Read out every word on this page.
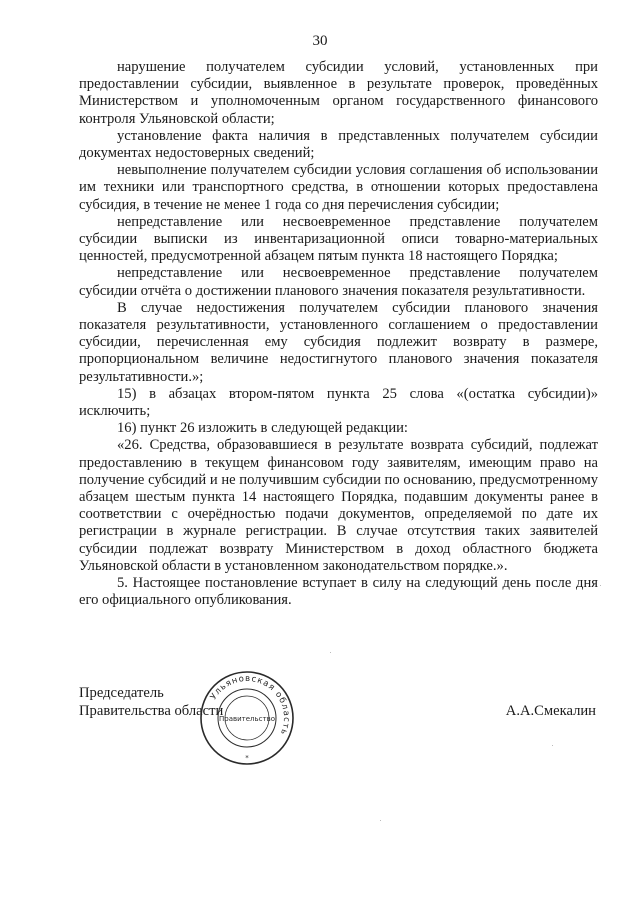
30

нарушение получателем субсидии условий, установленных при предоставлении субсидии, выявленное в результате проверок, проведённых Министерством и уполномоченным органом государственного финансового контроля Ульяновской области;

установление факта наличия в представленных получателем субсидии документах недостоверных сведений;

невыполнение получателем субсидии условия соглашения об использовании им техники или транспортного средства, в отношении которых предоставлена субсидия, в течение не менее 1 года со дня перечисления субсидии;

непредставление или несвоевременное представление получателем субсидии выписки из инвентаризационной описи товарно-материальных ценностей, предусмотренной абзацем пятым пункта 18 настоящего Порядка;

непредставление или несвоевременное представление получателем субсидии отчёта о достижении планового значения показателя результативности.

В случае недостижения получателем субсидии планового значения показателя результативности, установленного соглашением о предоставлении субсидии, перечисленная ему субсидия подлежит возврату в размере, пропорциональном величине недостигнутого планового значения показателя результативности.»;

15) в абзацах втором-пятом пункта 25 слова «(остатка субсидии)» исключить;

16) пункт 26 изложить в следующей редакции:

«26. Средства, образовавшиеся в результате возврата субсидий, подлежат предоставлению в текущем финансовом году заявителям, имеющим право на получение субсидий и не получившим субсидии по основанию, предусмотренному абзацем шестым пункта 14 настоящего Порядка, подавшим документы ранее в соответствии с очерёдностью подачи документов, определяемой по дате их регистрации в журнале регистрации. В случае отсутствия таких заявителей субсидии подлежат возврату Министерством в доход областного бюджета Ульяновской области в установленном законодательством порядке.».

5. Настоящее постановление вступает в силу на следующий день после дня его официального опубликования.

Председатель
Правительства области
Ульяновская область
Правительство
*
А.А.Смекалин
